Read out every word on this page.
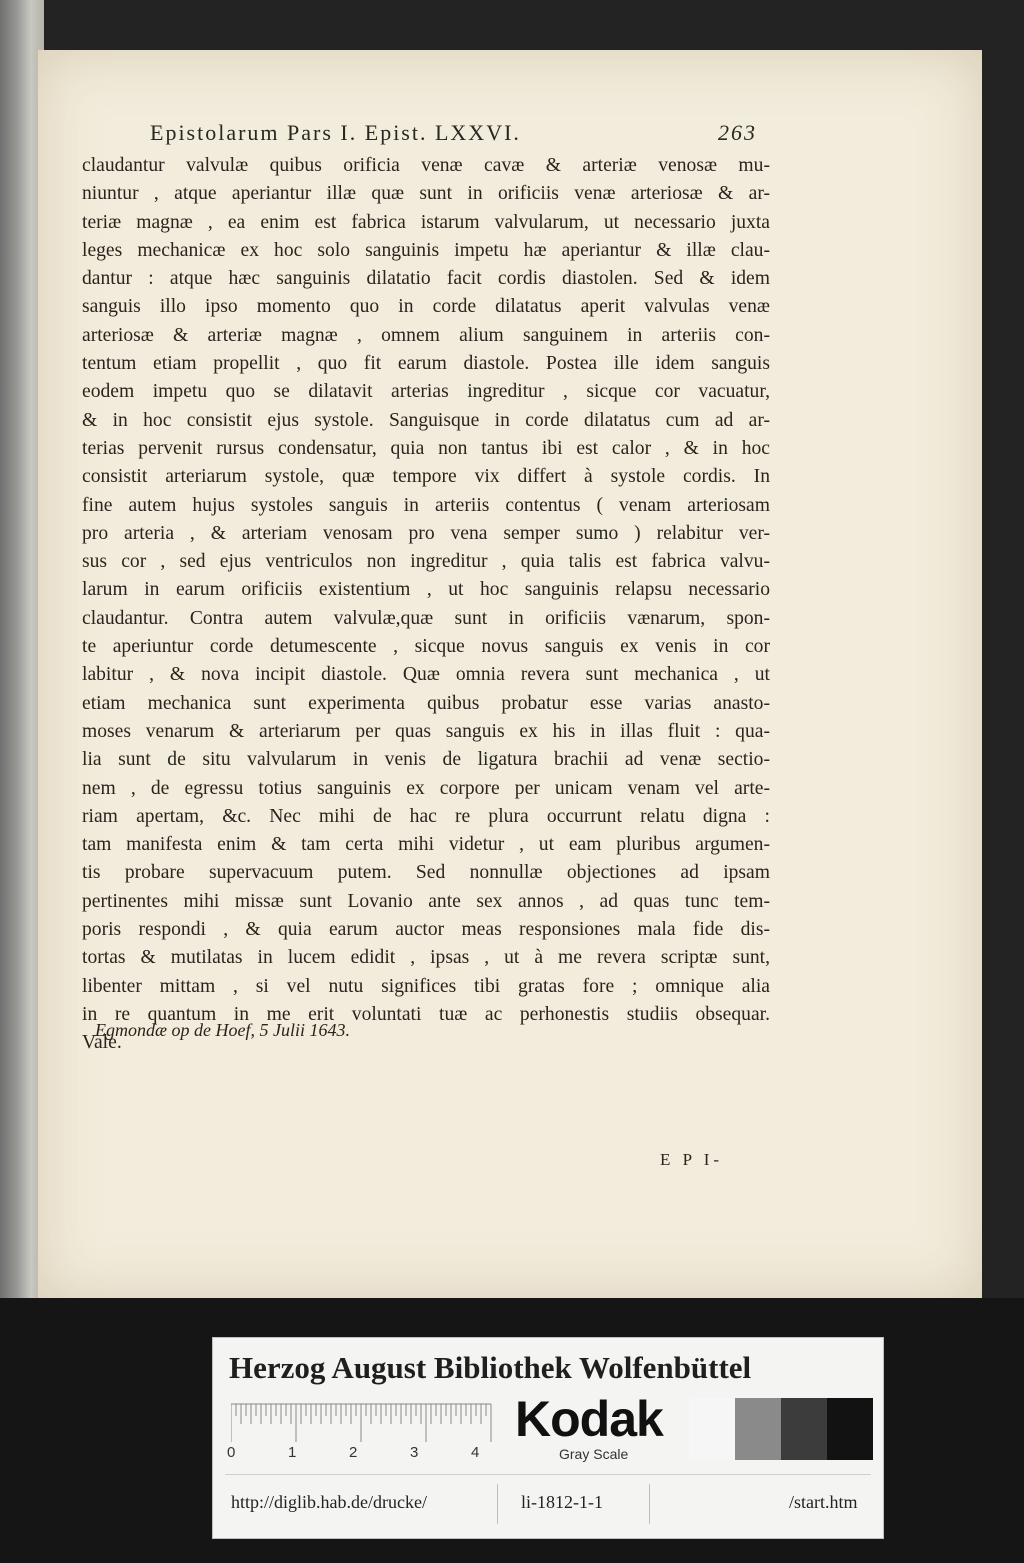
Epistolarum Pars I. Epist. LXXVI.	263
claudantur valvulæ quibus orificia venæ cavæ & arteriæ venosæ mu-
niuntur , atque aperiantur illæ quæ sunt in orificiis venæ arteriosæ & ar-
teriæ magnæ , ea enim est fabrica istarum valvularum, ut necessario juxta
leges mechanicæ ex hoc solo sanguinis impetu hæ aperiantur & illæ clau-
dantur : atque hæc sanguinis dilatatio facit cordis diastolen. Sed & idem
sanguis illo ipso momento quo in corde dilatatus aperit valvulas venæ
arteriosæ & arteriæ magnæ , omnem alium sanguinem in arteriis con-
tentum etiam propellit , quo fit earum diastole. Postea ille idem sanguis
eodem impetu quo se dilatavit arterias ingreditur , sicque cor vacuatur,
& in hoc consistit ejus systole. Sanguisque in corde dilatatus cum ad ar-
terias pervenit rursus condensatur, quia non tantus ibi est calor , & in hoc
consistit arteriarum systole, quæ tempore vix differt à systole cordis. In
fine autem hujus systoles sanguis in arteriis contentus ( venam arteriosam
pro arteria , & arteriam venosam pro vena semper sumo ) relabitur ver-
sus cor , sed ejus ventriculos non ingreditur , quia talis est fabrica valvu-
larum in earum orificiis existentium , ut hoc sanguinis relapsu necessario
claudantur. Contra autem valvulæ,quæ sunt in orificiis vænarum, spon-
te aperiuntur corde detumescente , sicque novus sanguis ex venis in cor
labitur , & nova incipit diastole. Quæ omnia revera sunt mechanica , ut
etiam mechanica sunt experimenta quibus probatur esse varias anasto-
moses venarum & arteriarum per quas sanguis ex his in illas fluit : qua-
lia sunt de situ valvularum in venis de ligatura brachii ad venæ sectio-
nem , de egressu totius sanguinis ex corpore per unicam venam vel arte-
riam apertam, &c. Nec mihi de hac re plura occurrunt relatu digna :
tam manifesta enim & tam certa mihi videtur , ut eam pluribus argumen-
tis probare supervacuum putem. Sed nonnullæ objectiones ad ipsam
pertinentes mihi missæ sunt Lovanio ante sex annos , ad quas tunc tem-
poris respondi , & quia earum auctor meas responsiones mala fide dis-
tortas & mutilatas in lucem edidit , ipsas , ut à me revera scriptæ sunt,
libenter mittam , si vel nutu significes tibi gratas fore ; omnique alia
in re quantum in me erit voluntati tuæ ac perhonestis studiis obsequar.
Vale.
Egmondæ op de Hoef, 5 Julii 1643.
E P I-
Herzog August Bibliothek Wolfenbüttel
0	1	2	3	4
Kodak
Gray Scale
http://diglib.hab.de/drucke/	li-1812-1-1	/start.htm
